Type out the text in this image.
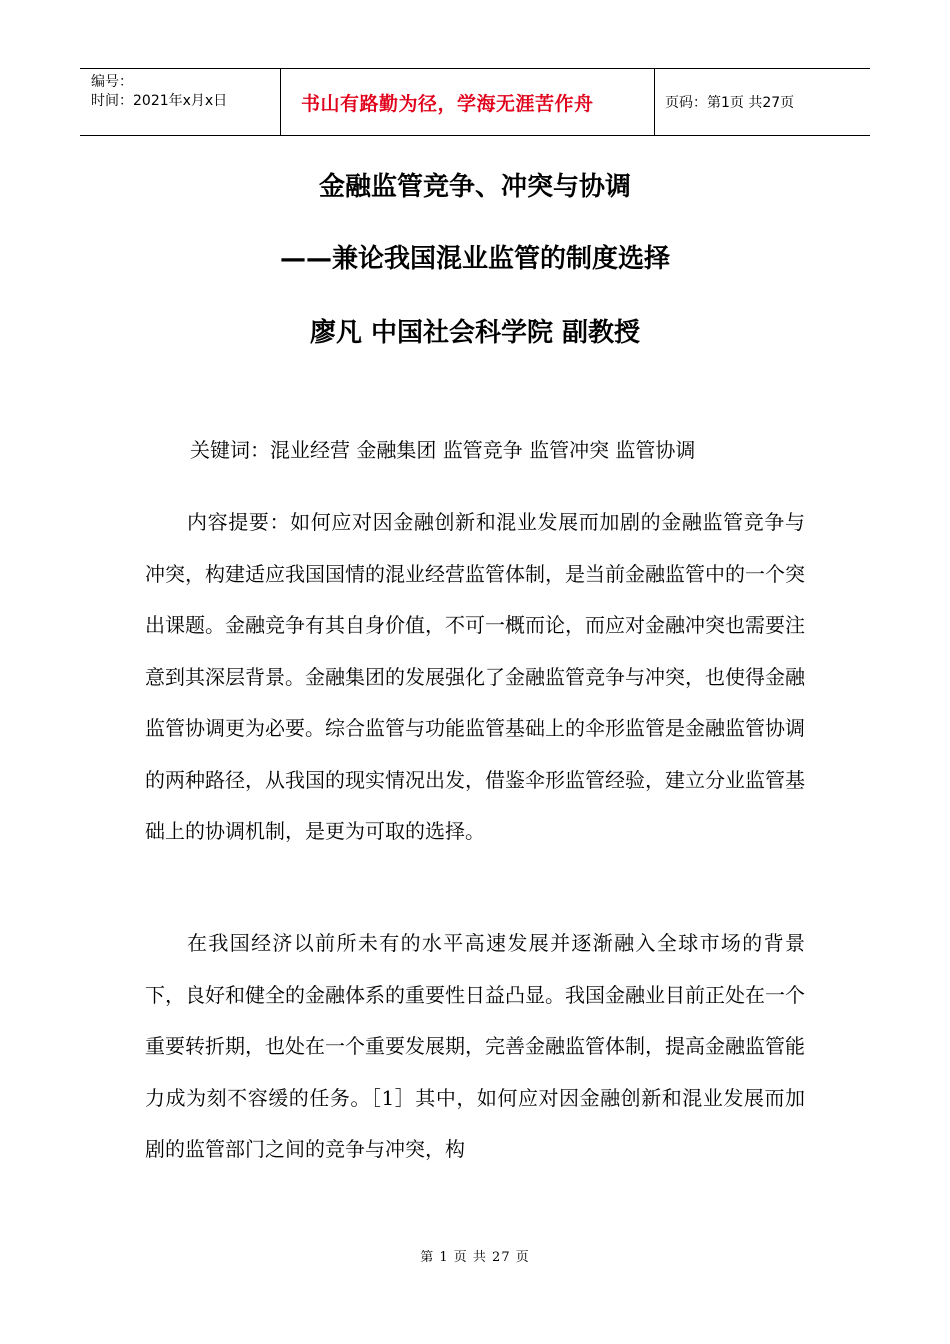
编号：
时间：2021年x月x日	书山有路勤为径，学海无涯苦作舟	页码：第1页 共27页
金融监管竞争、冲突与协调
——兼论我国混业监管的制度选择
廖凡 中国社会科学院 副教授
关键词：混业经营 金融集团 监管竞争 监管冲突 监管协调
内容提要：如何应对因金融创新和混业发展而加剧的金融监管竞争与冲突，构建适应我国国情的混业经营监管体制，是当前金融监管中的一个突出课题。金融竞争有其自身价值，不可一概而论，而应对金融冲突也需要注意到其深层背景。金融集团的发展强化了金融监管竞争与冲突，也使得金融监管协调更为必要。综合监管与功能监管基础上的伞形监管是金融监管协调的两种路径，从我国的现实情况出发，借鉴伞形监管经验，建立分业监管基础上的协调机制，是更为可取的选择。
在我国经济以前所未有的水平高速发展并逐渐融入全球市场的背景下，良好和健全的金融体系的重要性日益凸显。我国金融业目前正处在一个重要转折期，也处在一个重要发展期，完善金融监管体制，提高金融监管能力成为刻不容缓的任务。［1］其中，如何应对因金融创新和混业发展而加剧的监管部门之间的竞争与冲突，构
第 1 页 共 27 页
